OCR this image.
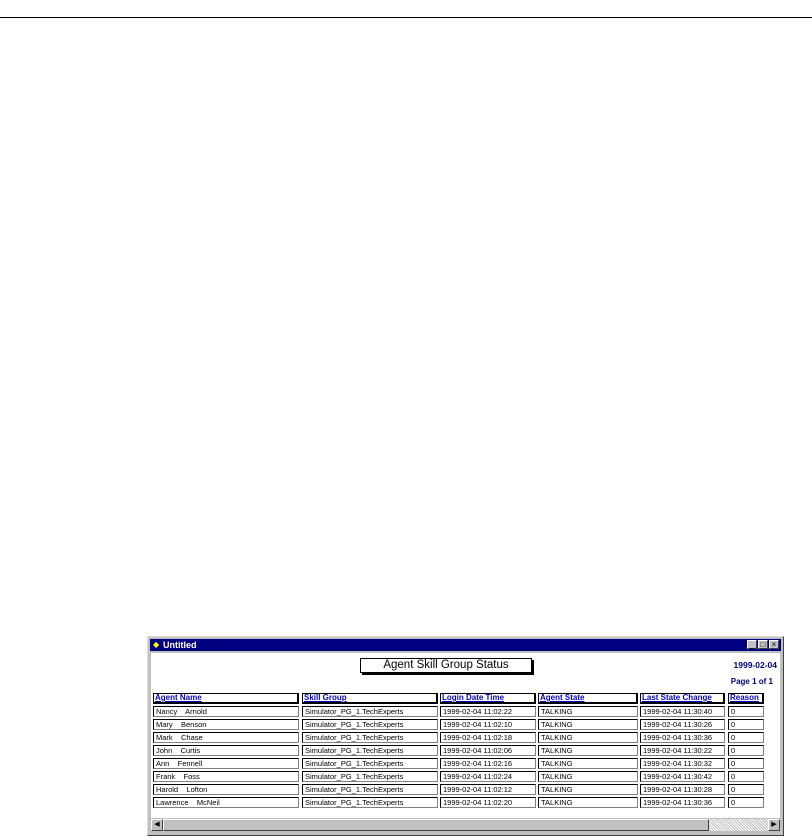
◆ Untitled	_ □ ×
Agent Skill Group Status	1999-02-04
Page 1 of 1
Agent Name	Skill Group	Login Date Time	Agent State	Last State Change	Reason
Nancy    Arnold	Simulator_PG_1.TechExperts	1999-02-04 11:02:22	TALKING	1999-02-04 11:30:40	0
Mary    Benson	Simulator_PG_1.TechExperts	1999-02-04 11:02:10	TALKING	1999-02-04 11:30:26	0
Mark    Chase	Simulator_PG_1.TechExperts	1999-02-04 11:02:18	TALKING	1999-02-04 11:30:36	0
John    Curtis	Simulator_PG_1.TechExperts	1999-02-04 11:02:06	TALKING	1999-02-04 11:30:22	0
Ann    Fennell	Simulator_PG_1.TechExperts	1999-02-04 11:02:16	TALKING	1999-02-04 11:30:32	0
Frank    Foss	Simulator_PG_1.TechExperts	1999-02-04 11:02:24	TALKING	1999-02-04 11:30:42	0
Harold    Lofton	Simulator_PG_1.TechExperts	1999-02-04 11:02:12	TALKING	1999-02-04 11:30:28	0
Lawrence    McNeil	Simulator_PG_1.TechExperts	1999-02-04 11:02:20	TALKING	1999-02-04 11:30:36	0
◀	▶
